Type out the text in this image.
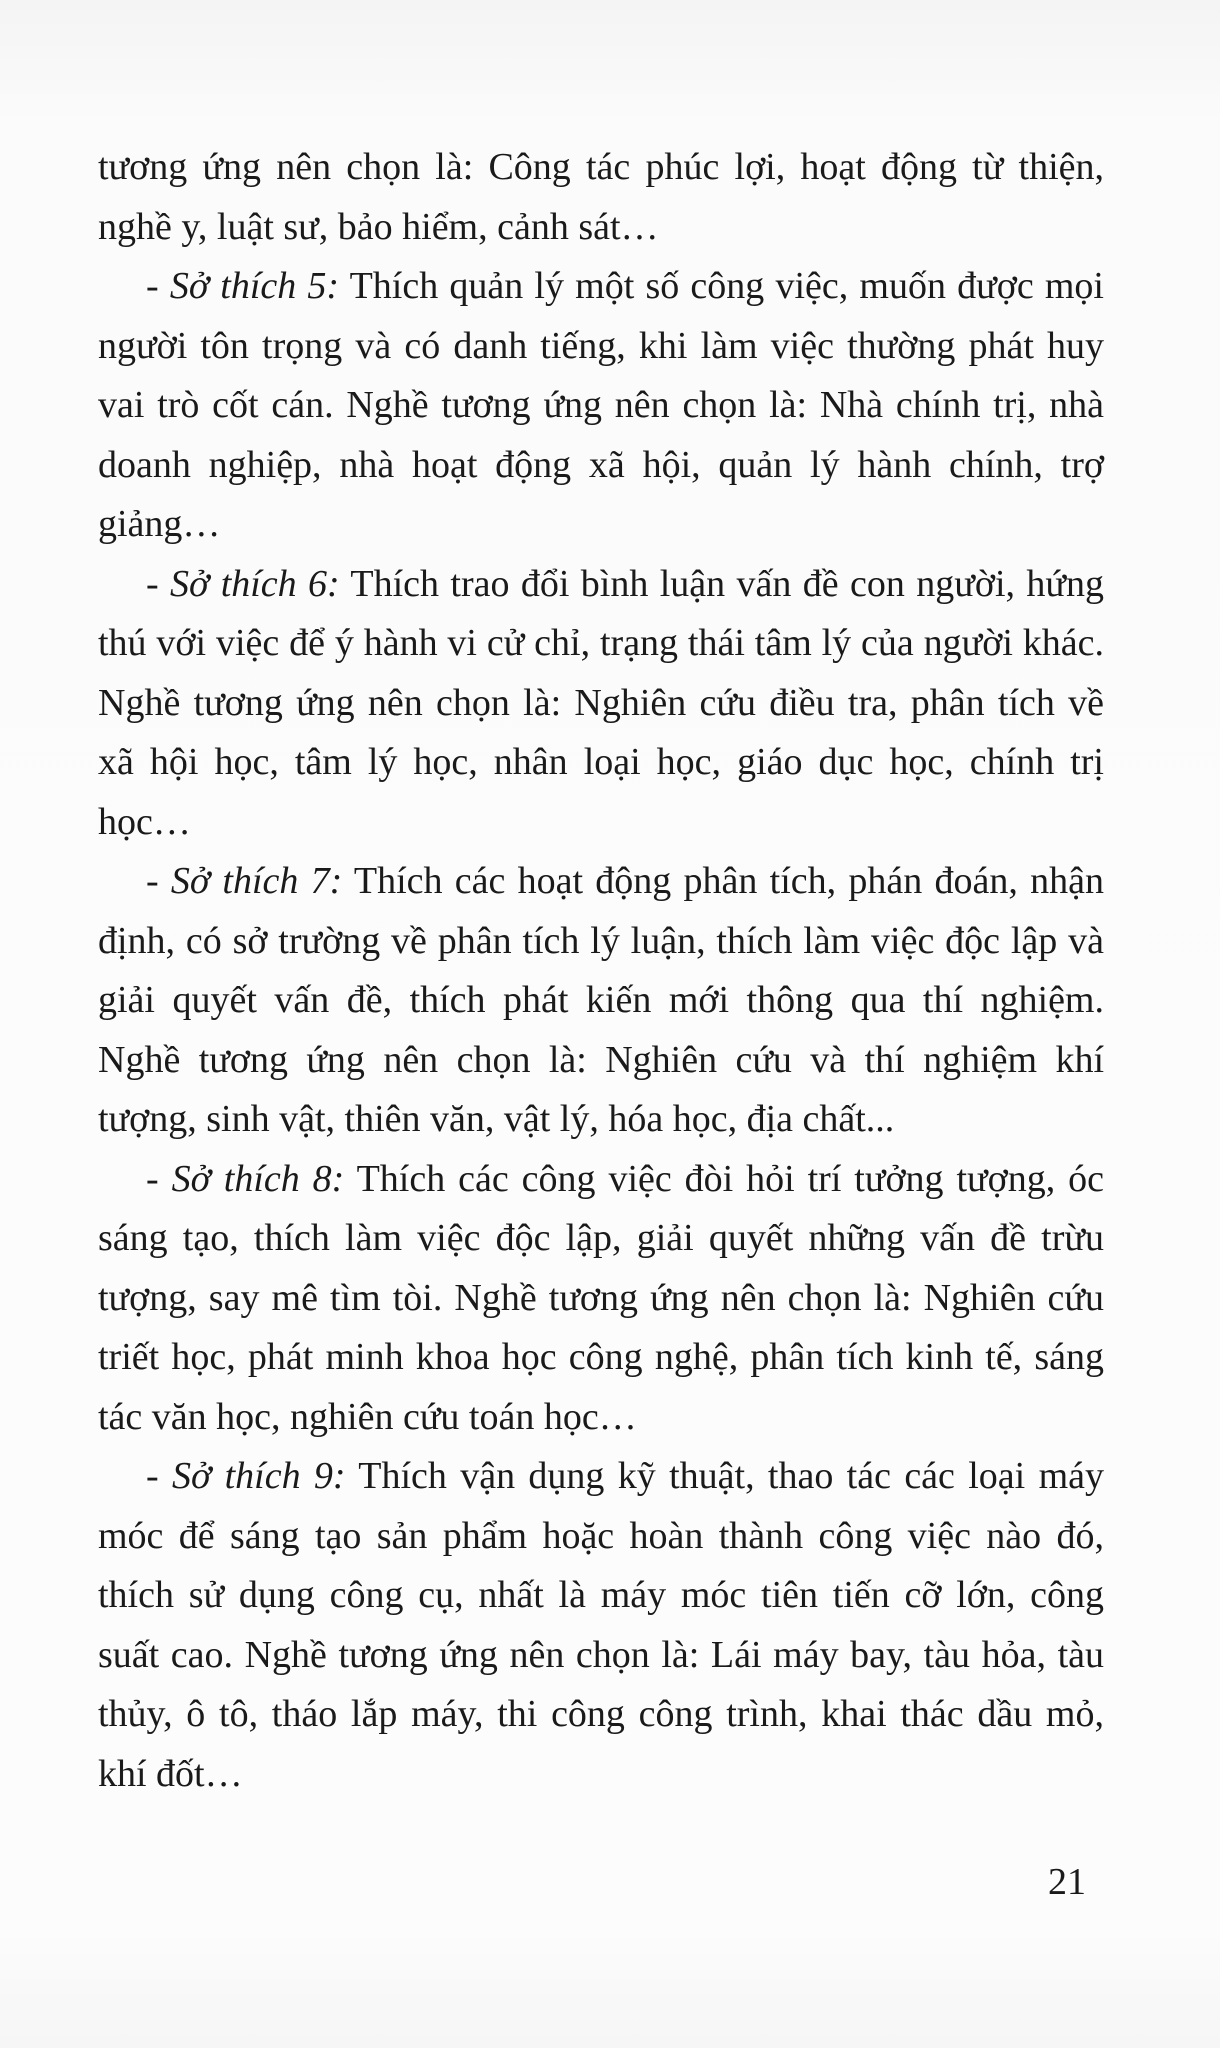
tương ứng nên chọn là: Công tác phúc lợi, hoạt động từ thiện, nghề y, luật sư, bảo hiểm, cảnh sát…

- Sở thích 5: Thích quản lý một số công việc, muốn được mọi người tôn trọng và có danh tiếng, khi làm việc thường phát huy vai trò cốt cán. Nghề tương ứng nên chọn là: Nhà chính trị, nhà doanh nghiệp, nhà hoạt động xã hội, quản lý hành chính, trợ giảng…

- Sở thích 6: Thích trao đổi bình luận vấn đề con người, hứng thú với việc để ý hành vi cử chỉ, trạng thái tâm lý của người khác. Nghề tương ứng nên chọn là: Nghiên cứu điều tra, phân tích về xã hội học, tâm lý học, nhân loại học, giáo dục học, chính trị học…

- Sở thích 7: Thích các hoạt động phân tích, phán đoán, nhận định, có sở trường về phân tích lý luận, thích làm việc độc lập và giải quyết vấn đề, thích phát kiến mới thông qua thí nghiệm. Nghề tương ứng nên chọn là: Nghiên cứu và thí nghiệm khí tượng, sinh vật, thiên văn, vật lý, hóa học, địa chất...

- Sở thích 8: Thích các công việc đòi hỏi trí tưởng tượng, óc sáng tạo, thích làm việc độc lập, giải quyết những vấn đề trừu tượng, say mê tìm tòi. Nghề tương ứng nên chọn là: Nghiên cứu triết học, phát minh khoa học công nghệ, phân tích kinh tế, sáng tác văn học, nghiên cứu toán học…

- Sở thích 9: Thích vận dụng kỹ thuật, thao tác các loại máy móc để sáng tạo sản phẩm hoặc hoàn thành công việc nào đó, thích sử dụng công cụ, nhất là máy móc tiên tiến cỡ lớn, công suất cao. Nghề tương ứng nên chọn là: Lái máy bay, tàu hỏa, tàu thủy, ô tô, tháo lắp máy, thi công công trình, khai thác dầu mỏ, khí đốt…

21
